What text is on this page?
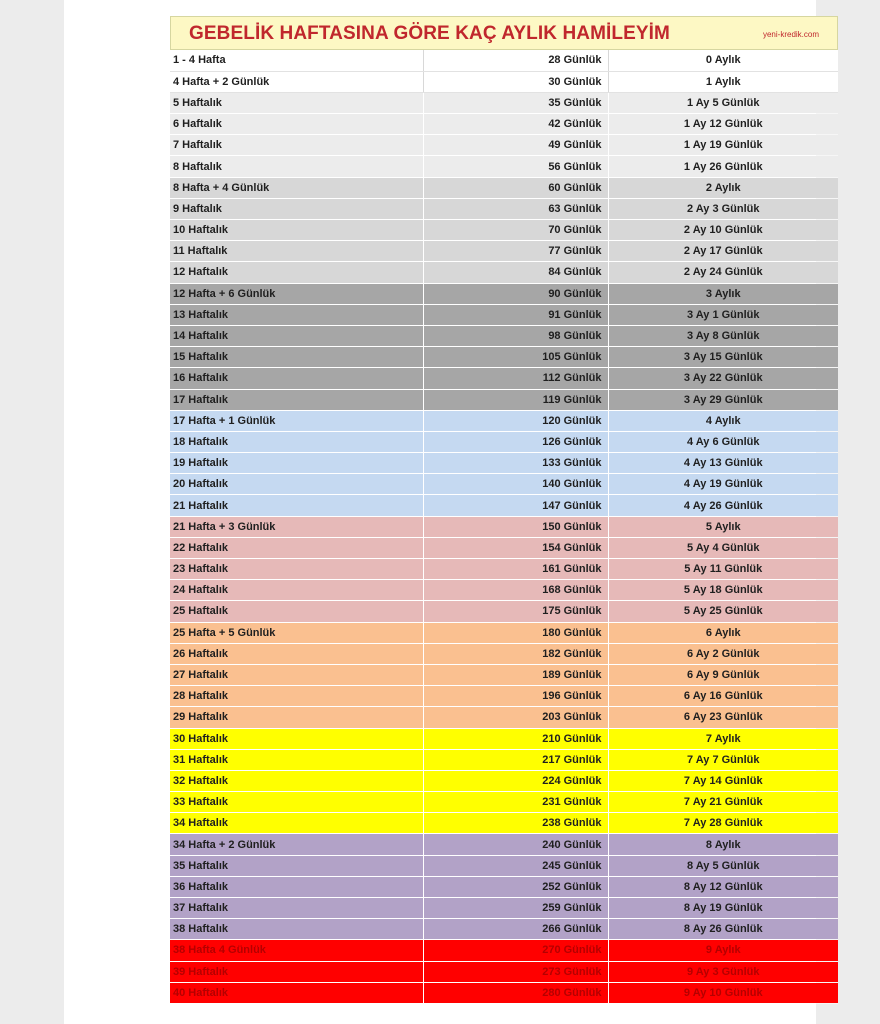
GEBELİK HAFTASINA GÖRE KAÇ AYLIK HAMİLEYİM	yeni-kredik.com
1 - 4 Hafta	28 Günlük	0 Aylık
4 Hafta + 2 Günlük	30 Günlük	1 Aylık
5 Haftalık	35 Günlük	1 Ay 5 Günlük
6 Haftalık	42 Günlük	1 Ay 12 Günlük
7 Haftalık	49 Günlük	1 Ay 19 Günlük
8 Haftalık	56 Günlük	1 Ay 26 Günlük
8 Hafta + 4 Günlük	60 Günlük	2 Aylık
9 Haftalık	63 Günlük	2 Ay 3 Günlük
10 Haftalık	70 Günlük	2 Ay 10 Günlük
11 Haftalık	77 Günlük	2 Ay 17 Günlük
12 Haftalık	84 Günlük	2 Ay 24 Günlük
12 Hafta + 6 Günlük	90 Günlük	3 Aylık
13 Haftalık	91 Günlük	3 Ay 1 Günlük
14 Haftalık	98 Günlük	3 Ay 8 Günlük
15 Haftalık	105 Günlük	3 Ay 15 Günlük
16 Haftalık	112 Günlük	3 Ay 22 Günlük
17 Haftalık	119 Günlük	3 Ay 29 Günlük
17 Hafta + 1 Günlük	120 Günlük	4 Aylık
18 Haftalık	126 Günlük	4 Ay 6 Günlük
19 Haftalık	133 Günlük	4 Ay 13 Günlük
20 Haftalık	140 Günlük	4 Ay 19 Günlük
21 Haftalık	147 Günlük	4 Ay 26 Günlük
21 Hafta + 3 Günlük	150 Günlük	5 Aylık
22 Haftalık	154 Günlük	5 Ay 4 Günlük
23 Haftalık	161 Günlük	5 Ay 11 Günlük
24 Haftalık	168 Günlük	5 Ay 18 Günlük
25 Haftalık	175 Günlük	5 Ay 25 Günlük
25 Hafta + 5 Günlük	180 Günlük	6 Aylık
26 Haftalık	182 Günlük	6 Ay 2 Günlük
27 Haftalık	189 Günlük	6 Ay 9 Günlük
28 Haftalık	196 Günlük	6 Ay 16 Günlük
29 Haftalık	203 Günlük	6 Ay 23 Günlük
30 Haftalık	210 Günlük	7 Aylık
31 Haftalık	217 Günlük	7 Ay 7 Günlük
32 Haftalık	224 Günlük	7 Ay 14 Günlük
33 Haftalık	231 Günlük	7 Ay 21 Günlük
34 Haftalık	238 Günlük	7 Ay 28 Günlük
34 Hafta + 2 Günlük	240 Günlük	8 Aylık
35 Haftalık	245 Günlük	8 Ay 5 Günlük
36 Haftalık	252 Günlük	8 Ay 12 Günlük
37 Haftalık	259 Günlük	8 Ay 19 Günlük
38 Haftalık	266 Günlük	8 Ay 26 Günlük
38 Hafta 4 Günlük	270 Günlük	9 Aylık
39 Haftalık	273 Günlük	9 Ay 3 Günlük
40 Haftalık	280 Günlük	9 Ay 10 Günlük
